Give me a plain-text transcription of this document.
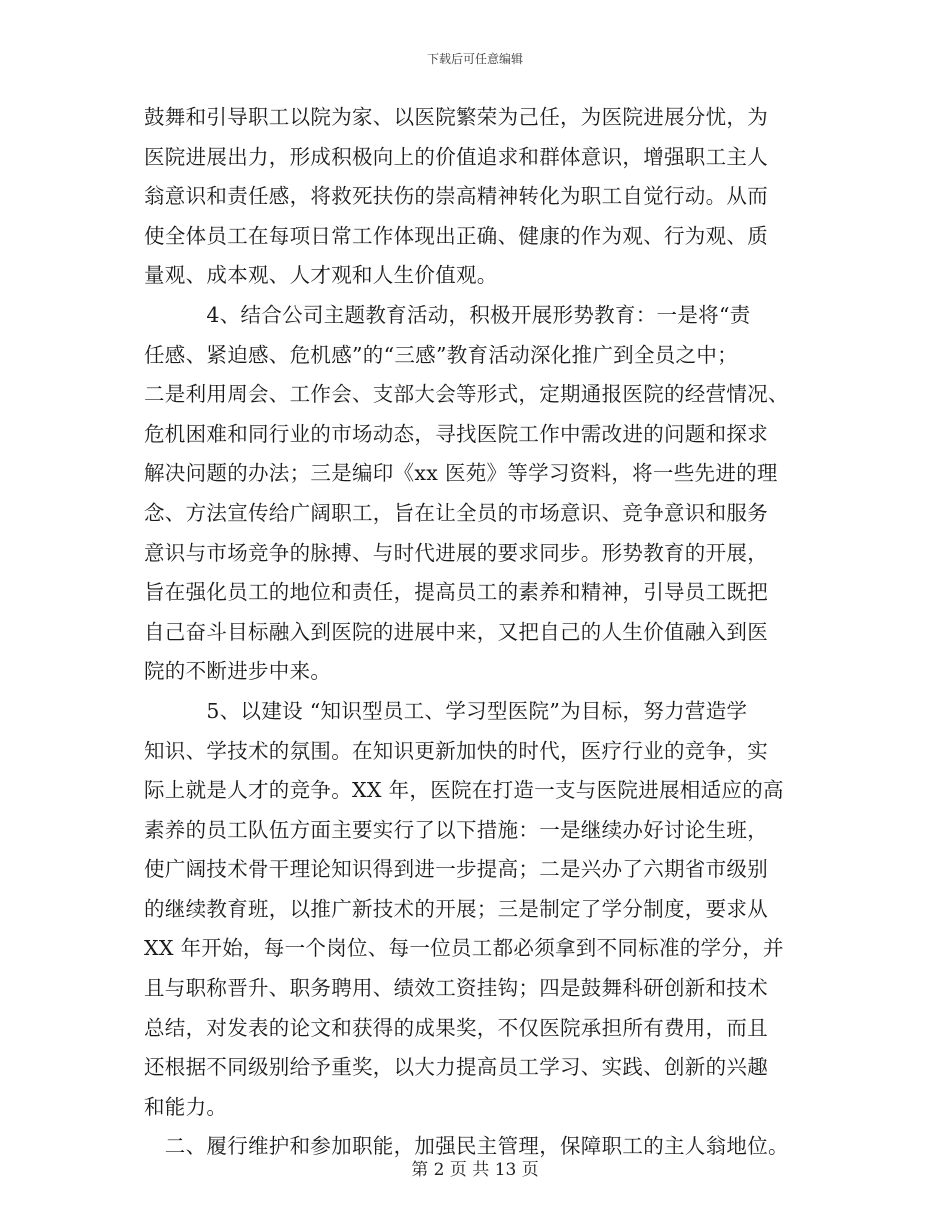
下载后可任意编辑
鼓舞和引导职工以院为家、以医院繁荣为己任，为医院进展分忧，为
医院进展出力，形成积极向上的价值追求和群体意识，增强职工主人
翁意识和责任感，将救死扶伤的崇高精神转化为职工自觉行动。从而
使全体员工在每项日常工作体现出正确、健康的作为观、行为观、质
量观、成本观、人才观和人生价值观。
　　　4、结合公司主题教育活动，积极开展形势教育：一是将“责
任感、紧迫感、危机感”的“三感”教育活动深化推广到全员之中；
二是利用周会、工作会、支部大会等形式，定期通报医院的经营情况、
危机困难和同行业的市场动态，寻找医院工作中需改进的问题和探求
解决问题的办法；三是编印《xx 医苑》等学习资料，将一些先进的理
念、方法宣传给广阔职工，旨在让全员的市场意识、竞争意识和服务
意识与市场竞争的脉搏、与时代进展的要求同步。形势教育的开展，
旨在强化员工的地位和责任，提高员工的素养和精神，引导员工既把
自己奋斗目标融入到医院的进展中来，又把自己的人生价值融入到医
院的不断进步中来。
　　　5、以建设 “知识型员工、学习型医院”为目标，努力营造学
知识、学技术的氛围。在知识更新加快的时代，医疗行业的竞争，实
际上就是人才的竞争。XX 年，医院在打造一支与医院进展相适应的高
素养的员工队伍方面主要实行了以下措施：一是继续办好讨论生班，
使广阔技术骨干理论知识得到进一步提高；二是兴办了六期省市级别
的继续教育班，以推广新技术的开展；三是制定了学分制度，要求从
XX 年开始，每一个岗位、每一位员工都必须拿到不同标准的学分，并
且与职称晋升、职务聘用、绩效工资挂钩；四是鼓舞科研创新和技术
总结，对发表的论文和获得的成果奖，不仅医院承担所有费用，而且
还根据不同级别给予重奖，以大力提高员工学习、实践、创新的兴趣
和能力。
　二、履行维护和参加职能，加强民主管理，保障职工的主人翁地位。
第 2 页 共 13 页
